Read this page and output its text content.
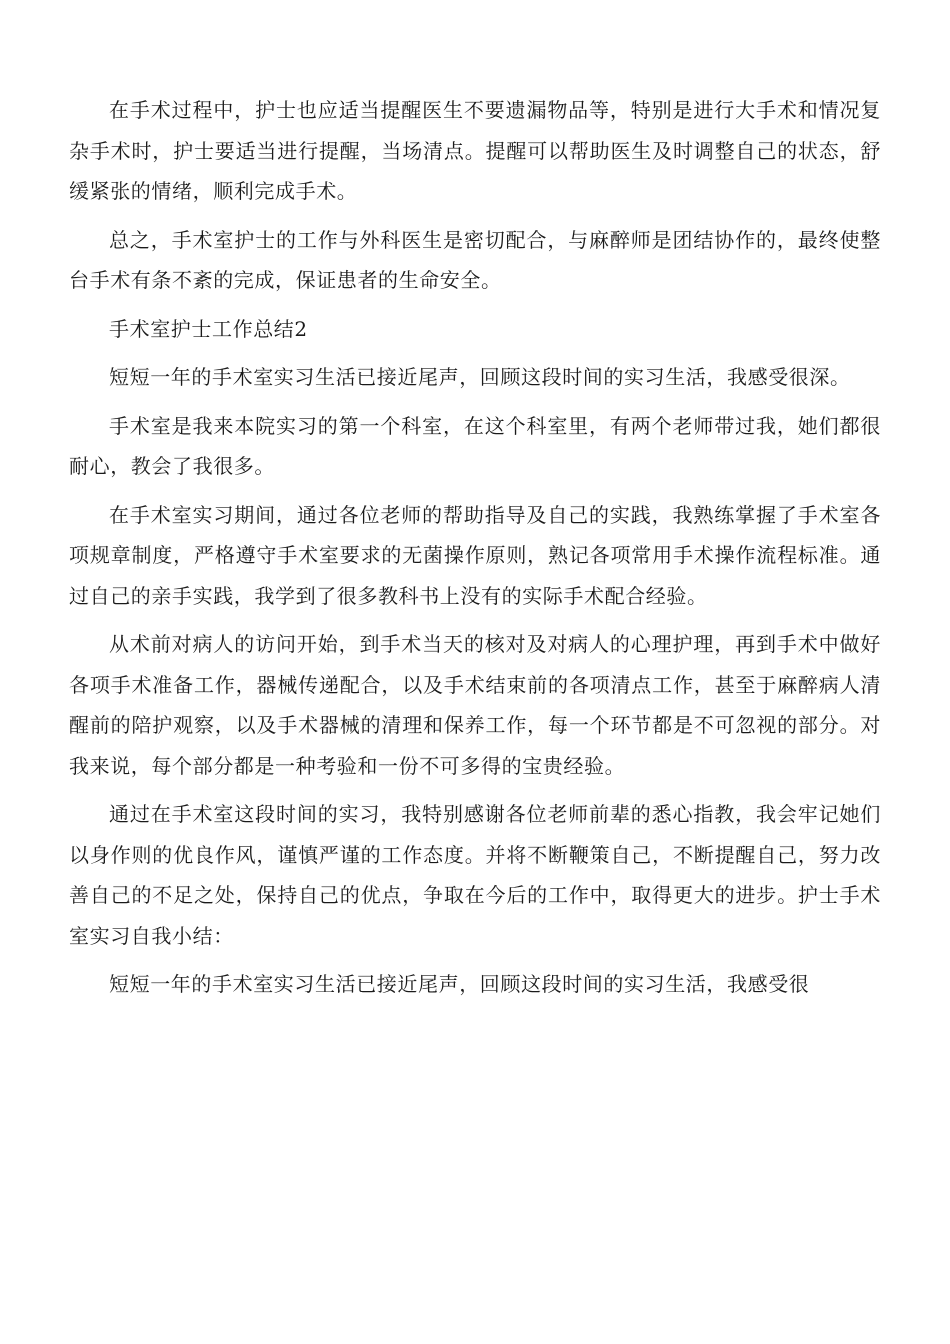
在手术过程中，护士也应适当提醒医生不要遗漏物品等，特别是进行大手术和情况复杂手术时，护士要适当进行提醒，当场清点。提醒可以帮助医生及时调整自己的状态，舒缓紧张的情绪，顺利完成手术。

总之，手术室护士的工作与外科医生是密切配合，与麻醉师是团结协作的，最终使整台手术有条不紊的完成，保证患者的生命安全。

手术室护士工作总结2

短短一年的手术室实习生活已接近尾声，回顾这段时间的实习生活，我感受很深。

手术室是我来本院实习的第一个科室，在这个科室里，有两个老师带过我，她们都很耐心，教会了我很多。

在手术室实习期间，通过各位老师的帮助指导及自己的实践，我熟练掌握了手术室各项规章制度，严格遵守手术室要求的无菌操作原则，熟记各项常用手术操作流程标准。通过自己的亲手实践，我学到了很多教科书上没有的实际手术配合经验。

从术前对病人的访问开始，到手术当天的核对及对病人的心理护理，再到手术中做好各项手术准备工作，器械传递配合，以及手术结束前的各项清点工作，甚至于麻醉病人清醒前的陪护观察，以及手术器械的清理和保养工作，每一个环节都是不可忽视的部分。对我来说，每个部分都是一种考验和一份不可多得的宝贵经验。

通过在手术室这段时间的实习，我特别感谢各位老师前辈的悉心指教，我会牢记她们以身作则的优良作风，谨慎严谨的工作态度。并将不断鞭策自己，不断提醒自己，努力改善自己的不足之处，保持自己的优点，争取在今后的工作中，取得更大的进步。护士手术室实习自我小结：

短短一年的手术室实习生活已接近尾声，回顾这段时间的实习生活，我感受很
